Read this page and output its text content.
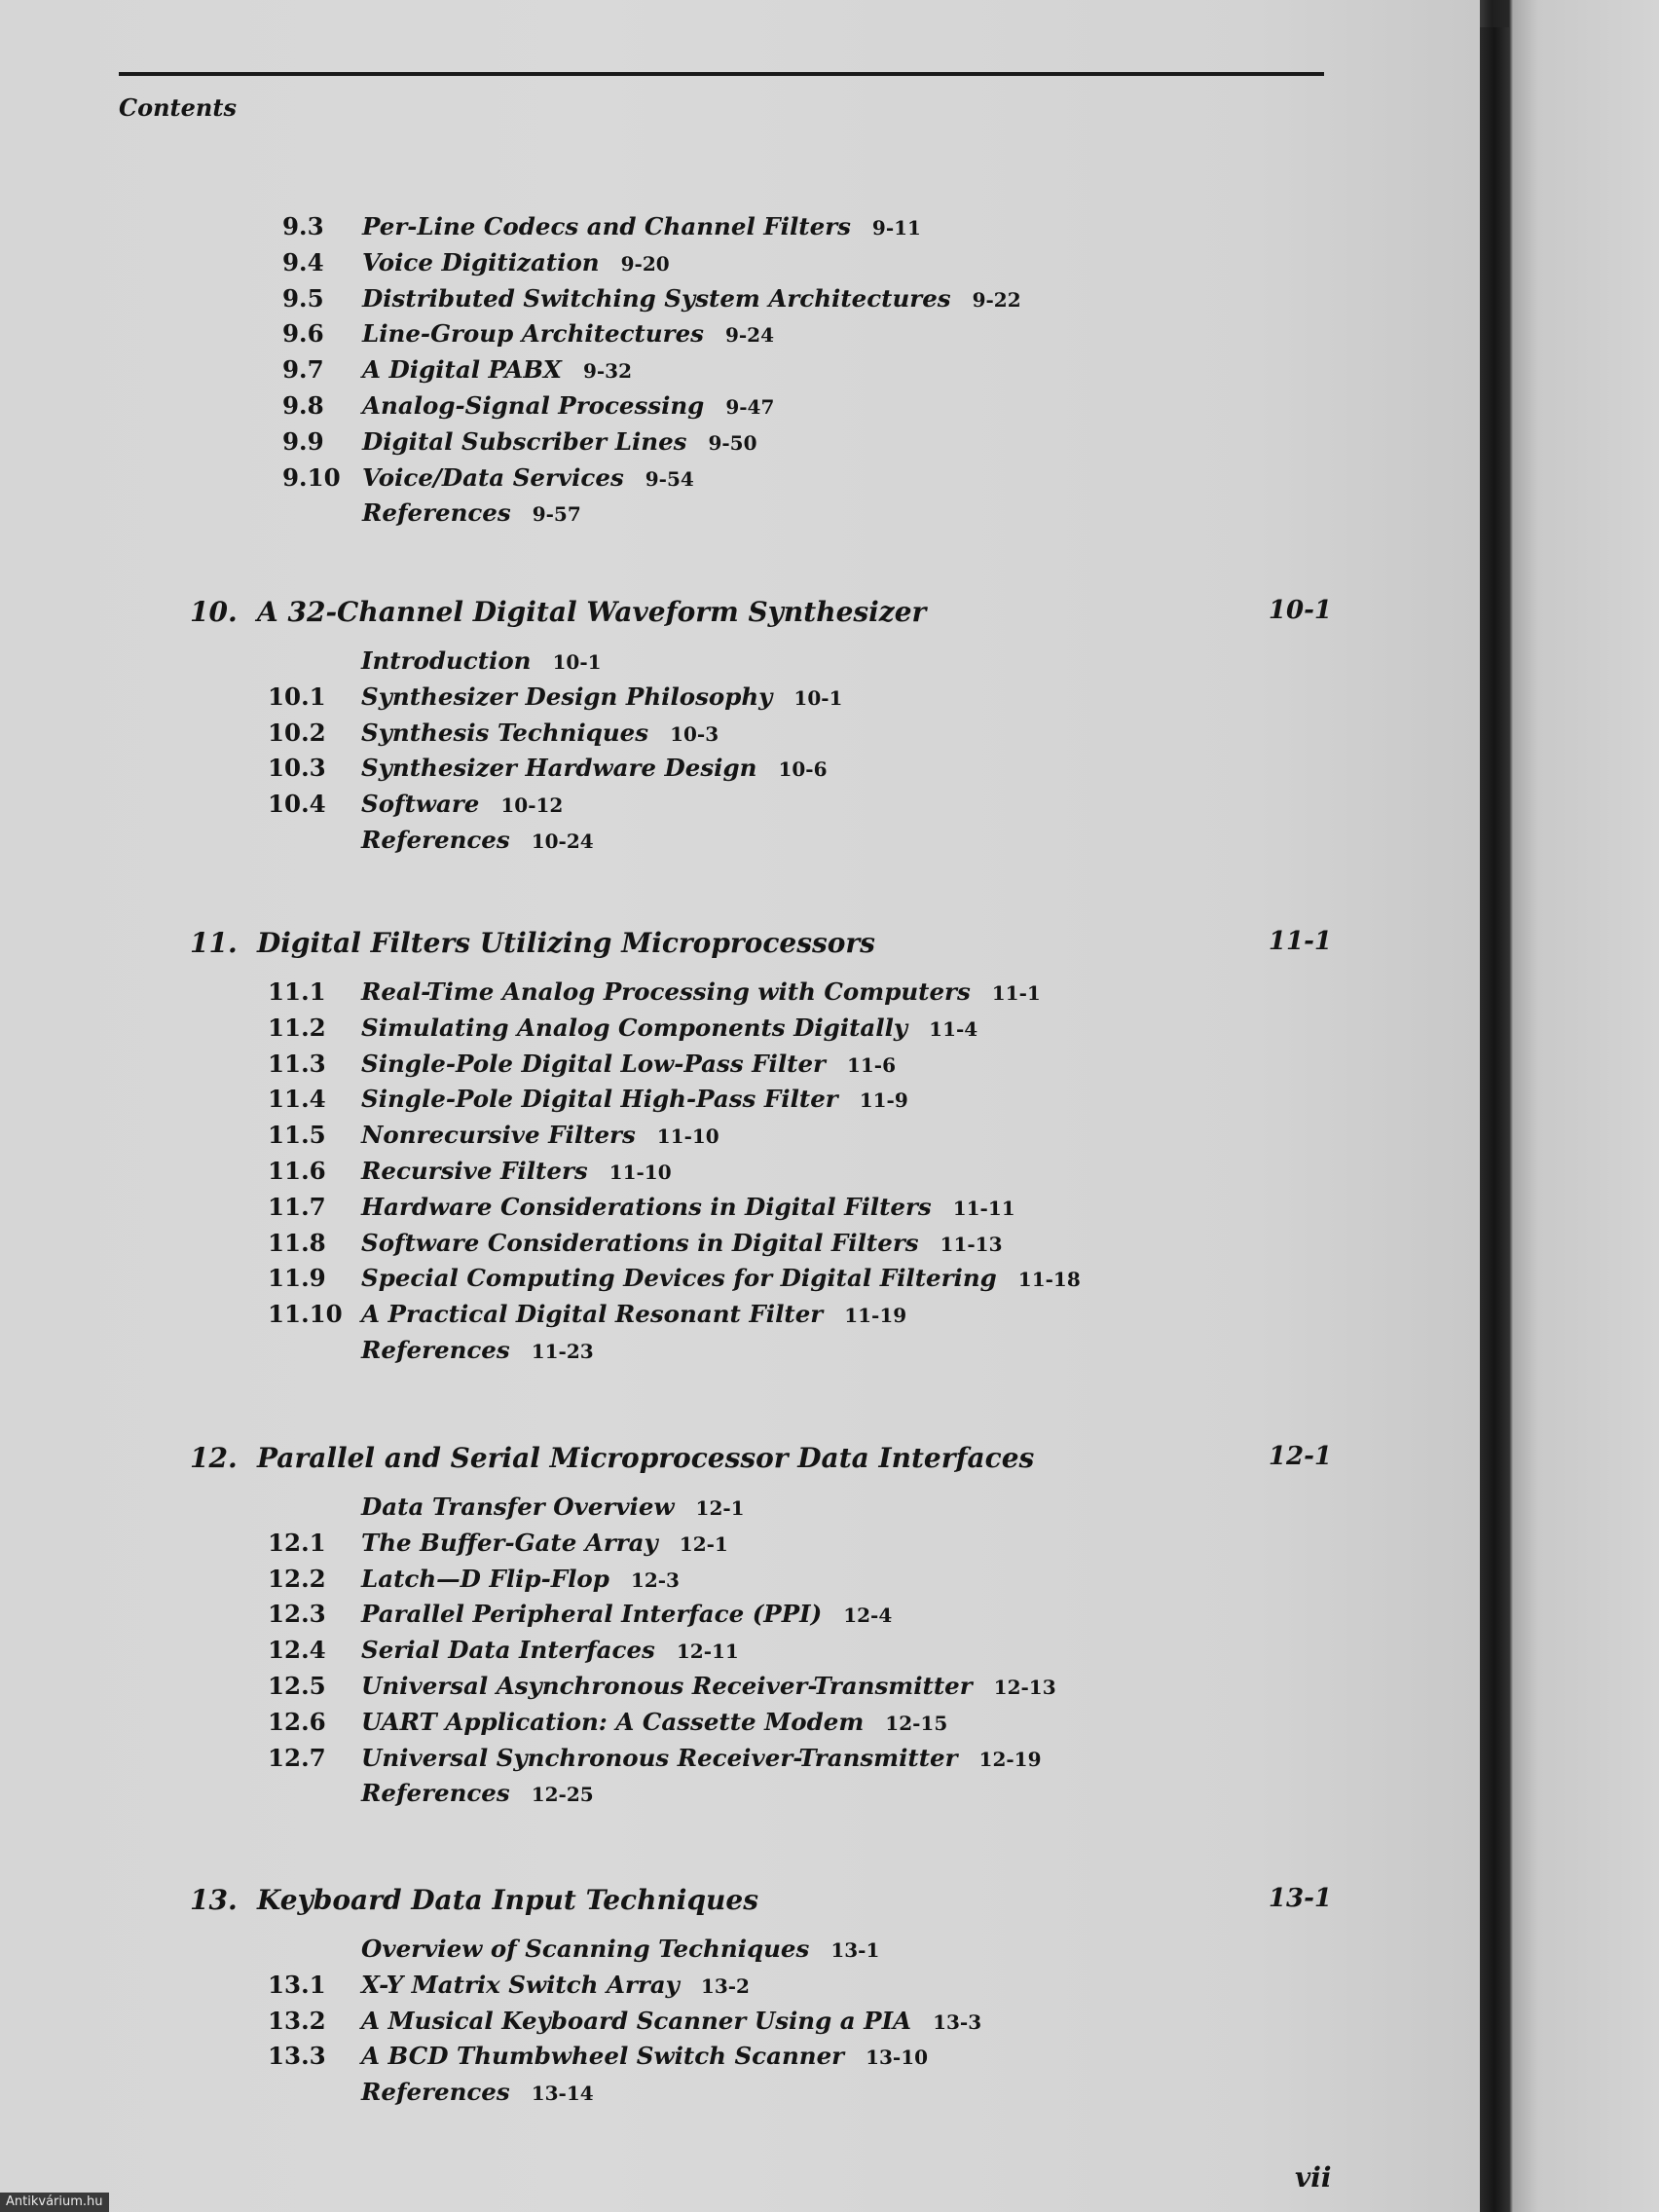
Contents
9.3	Per-Line Codecs and Channel Filters 9-11
9.4	Voice Digitization 9-20
9.5	Distributed Switching System Architectures 9-22
9.6	Line-Group Architectures 9-24
9.7	A Digital PABX 9-32
9.8	Analog-Signal Processing 9-47
9.9	Digital Subscriber Lines 9-50
9.10 Voice/Data Services 9-54
References 9-57
10. A 32-Channel Digital Waveform Synthesizer	10-1
Introduction 10-1
10.1	Synthesizer Design Philosophy 10-1
10.2	Synthesis Techniques 10-3
10.3	Synthesizer Hardware Design 10-6
10.4	Software 10-12
References 10-24
11. Digital Filters Utilizing Microprocessors	11-1
11.1	Real-Time Analog Processing with Computers 11-1
11.2	Simulating Analog Components Digitally 11-4
11.3	Single-Pole Digital Low-Pass Filter 11-6
11.4	Single-Pole Digital High-Pass Filter 11-9
11.5	Nonrecursive Filters 11-10
11.6	Recursive Filters 11-10
11.7	Hardware Considerations in Digital Filters 11-11
11.8	Software Considerations in Digital Filters 11-13
11.9	Special Computing Devices for Digital Filtering 11-18
11.10 A Practical Digital Resonant Filter 11-19
References 11-23
12. Parallel and Serial Microprocessor Data Interfaces	12-1
Data Transfer Overview 12-1
12.1	The Buffer-Gate Array 12-1
12.2	Latch—D Flip-Flop 12-3
12.3	Parallel Peripheral Interface (PPI) 12-4
12.4	Serial Data Interfaces 12-11
12.5	Universal Asynchronous Receiver-Transmitter 12-13
12.6	UART Application: A Cassette Modem 12-15
12.7	Universal Synchronous Receiver-Transmitter 12-19
References 12-25
13. Keyboard Data Input Techniques	13-1
Overview of Scanning Techniques 13-1
13.1	X-Y Matrix Switch Array 13-2
13.2	A Musical Keyboard Scanner Using a PIA 13-3
13.3	A BCD Thumbwheel Switch Scanner 13-10
References 13-14
vii
Antikvárium.hu
